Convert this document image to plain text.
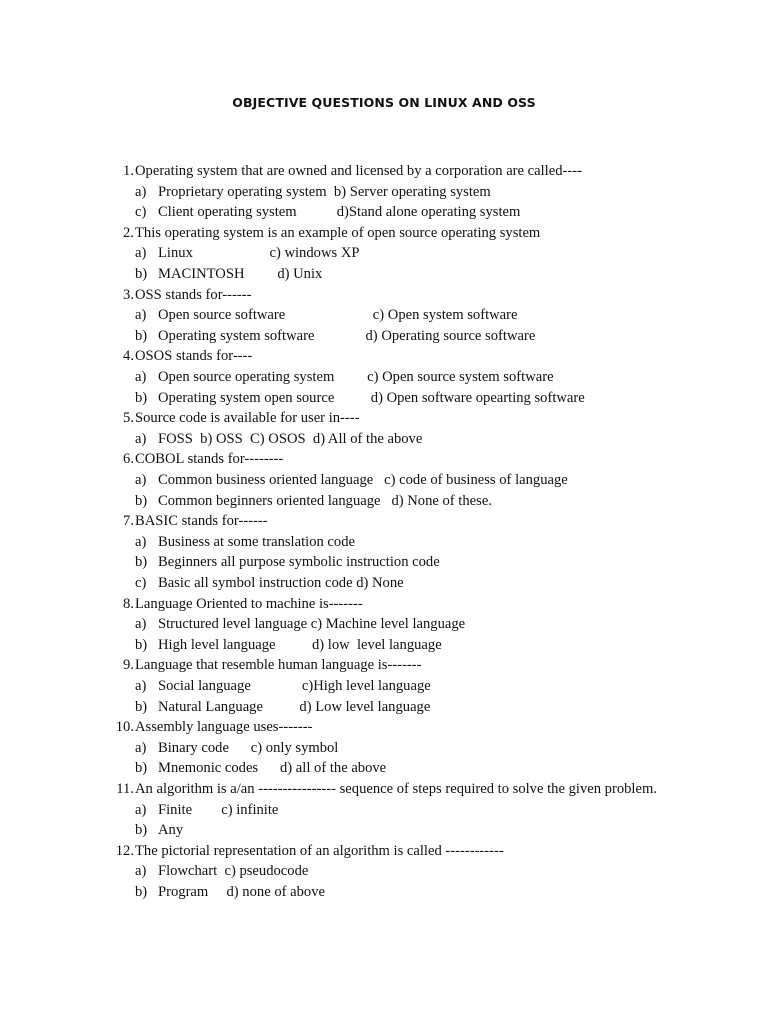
OBJECTIVE QUESTIONS ON LINUX AND OSS
1. Operating system that are owned and licensed by a corporation are called----
a) Proprietary operating system  b) Server operating system
c) Client operating system           d)Stand alone operating system
2. This operating system is an example of open source operating system
a) Linux                     c) windows XP
b) MACINTOSH         d) Unix
3. OSS stands for------
a) Open source software                        c) Open system software
b) Operating system software              d) Operating source software
4. OSOS stands for----
a) Open source operating system         c) Open source system software
b) Operating system open source          d) Open software opearting software
5. Source code is available for user in----
a) FOSS  b) OSS  C) OSOS  d) All of the above
6. COBOL stands for--------
a) Common business oriented language   c) code of business of language
b) Common beginners oriented language   d) None of these.
7. BASIC stands for------
a) Business at some translation code
b) Beginners all purpose symbolic instruction code
c) Basic all symbol instruction code d) None
8. Language Oriented to machine is-------
a) Structured level language c) Machine level language
b) High level language          d) low  level language
9. Language that resemble human language is-------
a) Social language              c)High level language
b) Natural Language          d) Low level language
10. Assembly language uses-------
a) Binary code      c) only symbol
b) Mnemonic codes      d) all of the above
11. An algorithm is a/an ---------------- sequence of steps required to solve the given problem.
a) Finite        c) infinite
b) Any
12. The pictorial representation of an algorithm is called ------------
a) Flowchart  c) pseudocode
b) Program     d) none of above
